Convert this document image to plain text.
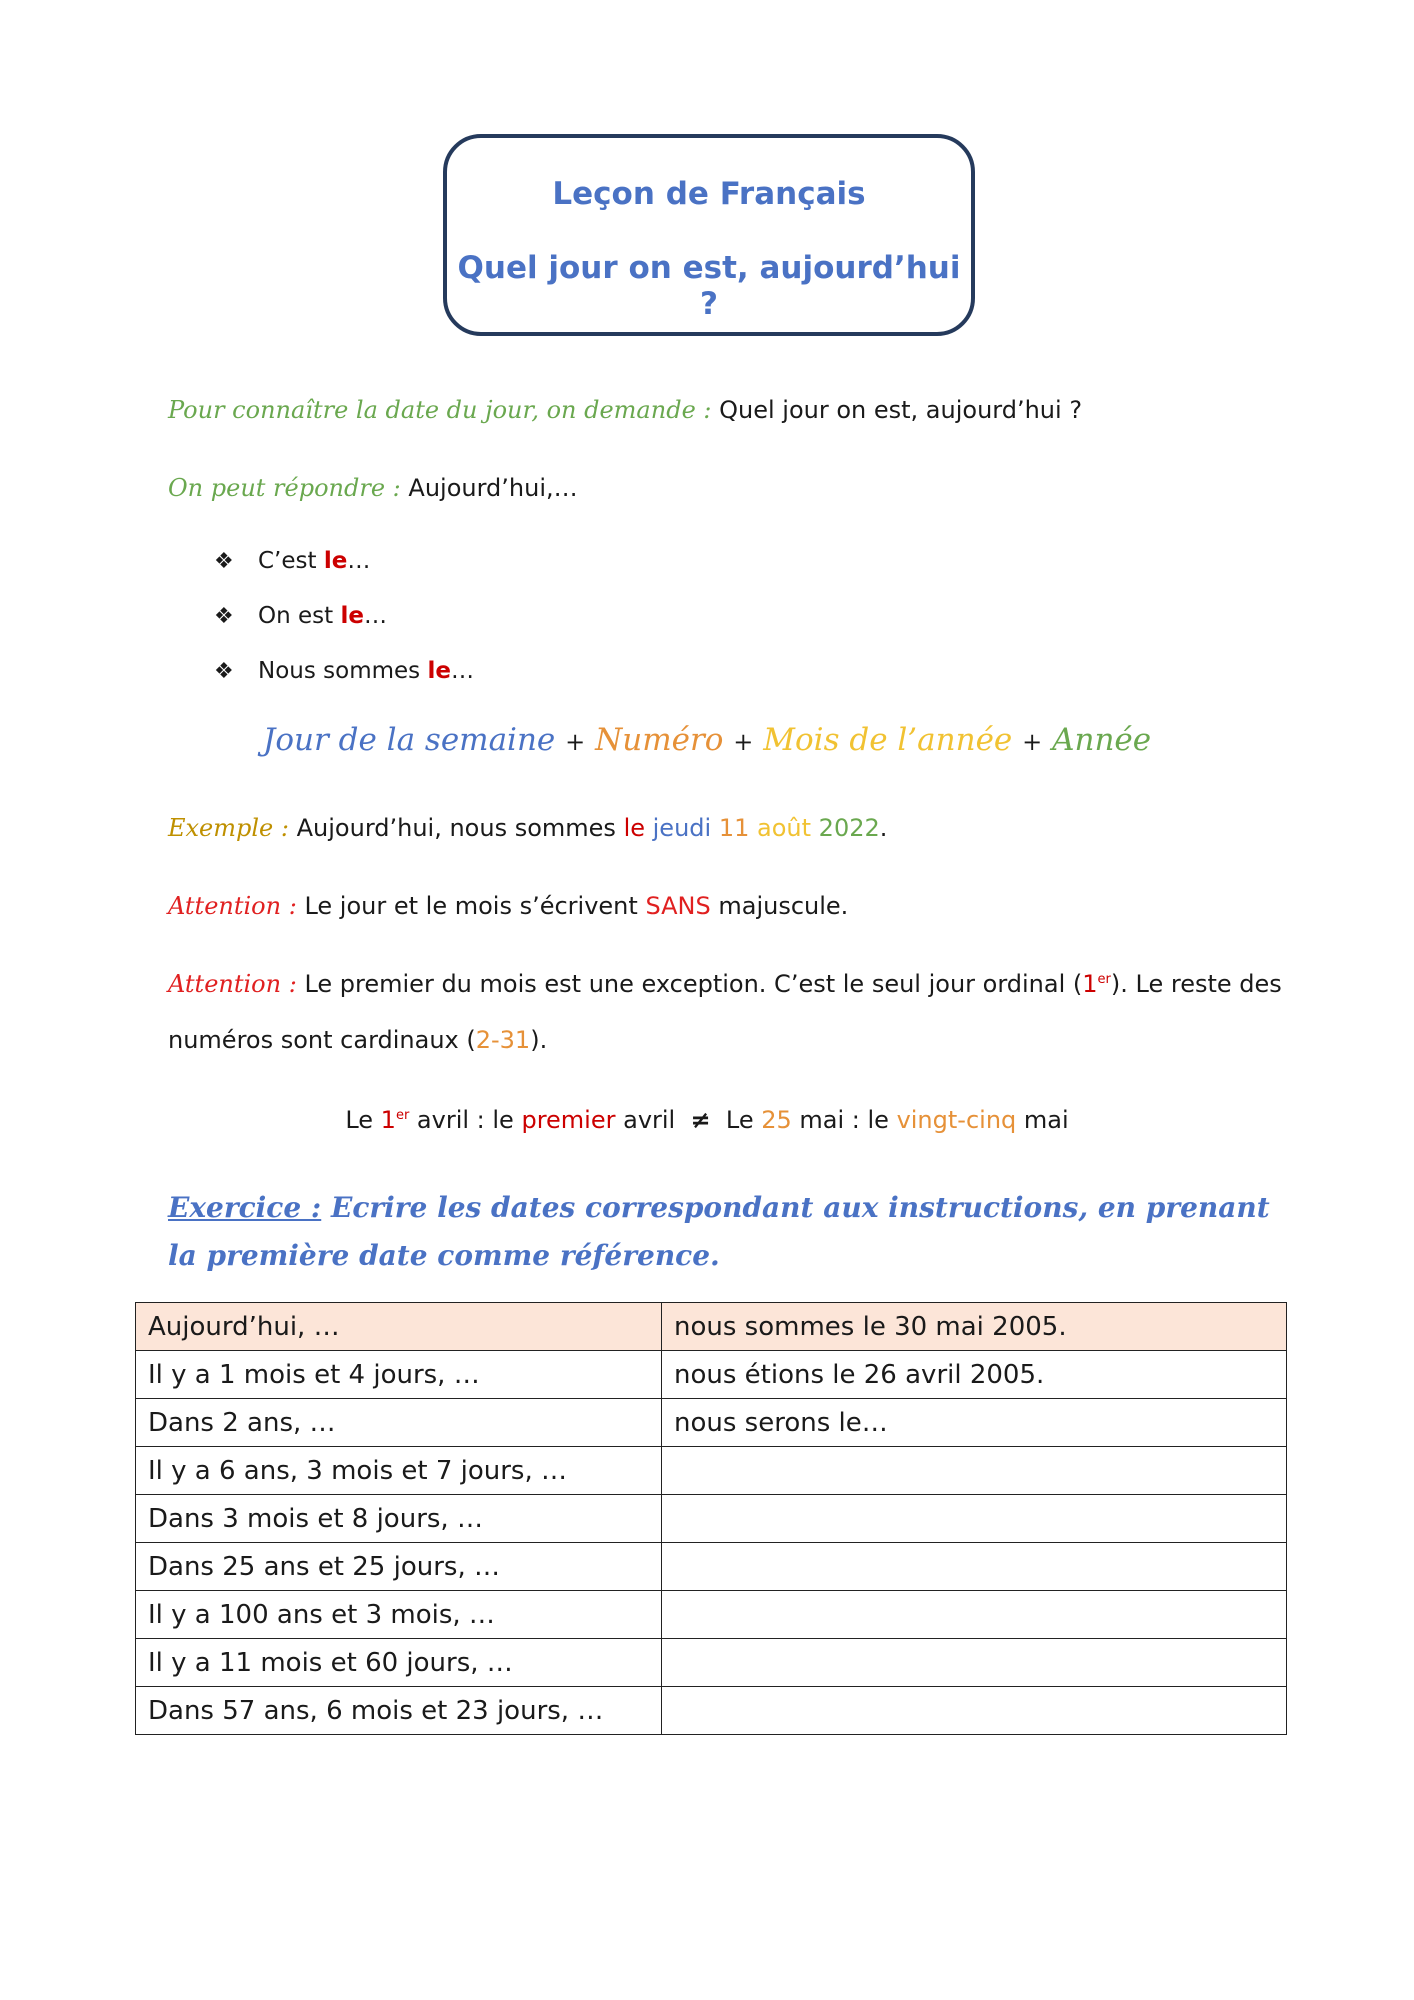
Leçon de Français
Quel jour on est, aujourd’hui ?
Pour connaître la date du jour, on demande : Quel jour on est, aujourd’hui ?
On peut répondre : Aujourd’hui,…
❖ C’est le…
❖ On est le…
❖ Nous sommes le…
Jour de la semaine + Numéro + Mois de l’année + Année
Exemple : Aujourd’hui, nous sommes le jeudi 11 août 2022.
Attention : Le jour et le mois s’écrivent SANS majuscule.
Attention : Le premier du mois est une exception. C’est le seul jour ordinal (1er). Le reste des
numéros sont cardinaux (2-31).
Le 1er avril : le premier avril ≠ Le 25 mai : le vingt-cinq mai
Exercice : Ecrire les dates correspondant aux instructions, en prenant la première date comme référence.
Aujourd’hui, …	nous sommes le 30 mai 2005.
Il y a 1 mois et 4 jours, …	nous étions le 26 avril 2005.
Dans 2 ans, …	nous serons le…
Il y a 6 ans, 3 mois et 7 jours, …	
Dans 3 mois et 8 jours, …	
Dans 25 ans et 25 jours, …	
Il y a 100 ans et 3 mois, …	
Il y a 11 mois et 60 jours, …	
Dans 57 ans, 6 mois et 23 jours, …	
